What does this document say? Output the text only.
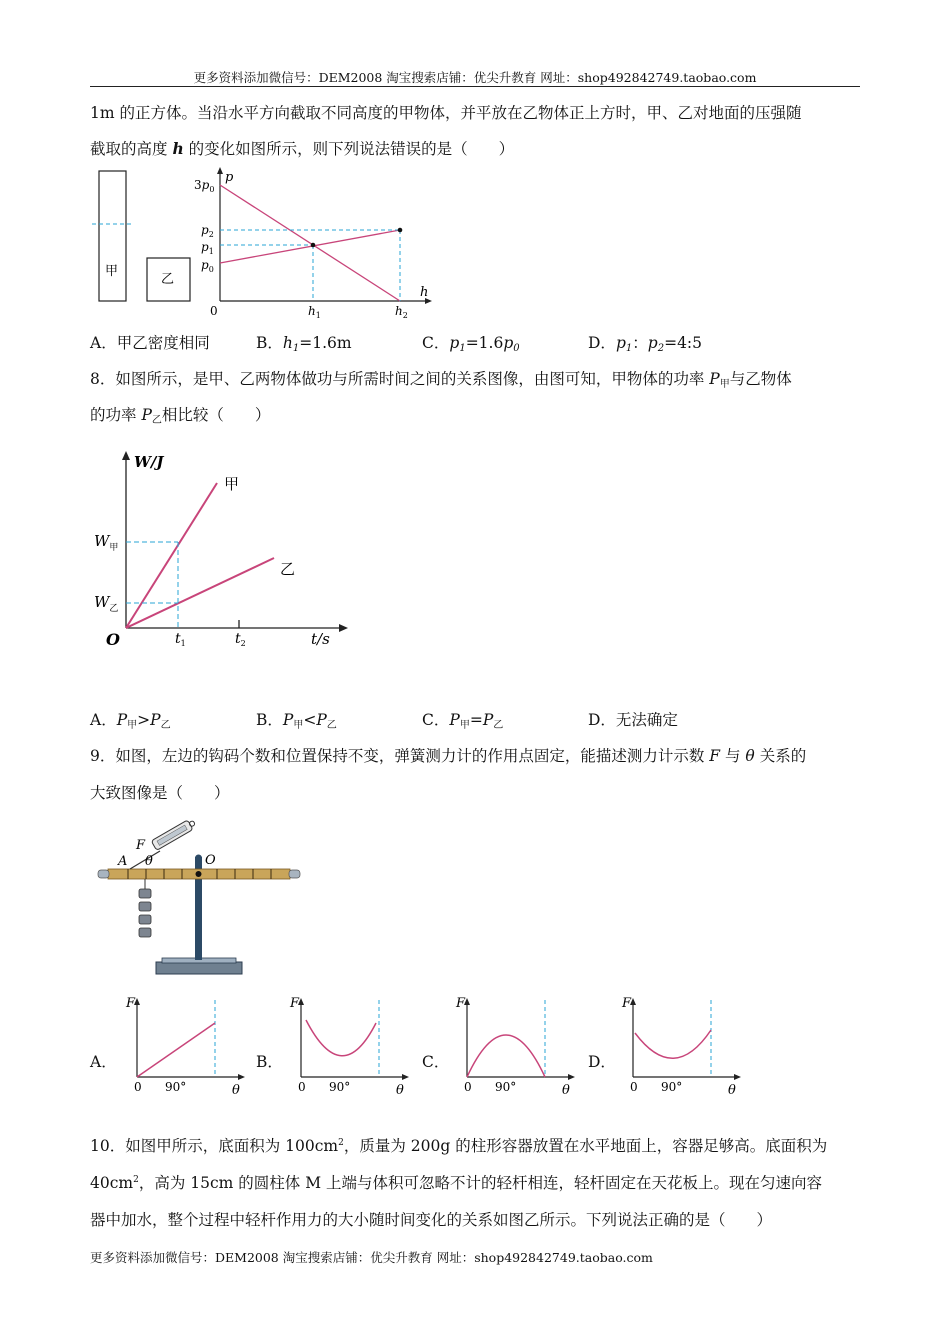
更多资料添加微信号：DEM2008 淘宝搜索店铺：优尖升教育 网址：shop492842749.taobao.com
1m 的正方体。当沿水平方向截取不同高度的甲物体，并平放在乙物体正上方时，甲、乙对地面的压强随
截取的高度 h 的变化如图所示，则下列说法错误的是（　　）
甲
乙
p
h
$3p_0$
$p_2$
$p_1$
$p_0$
0	$h_1$	$h_2$
A．甲乙密度相同	B．$h_1=1.6m$	C．$p_1=1.6p_0$	D．$p_1$：$p_2=4:5$
8．如图所示，是甲、乙两物体做功与所需时间之间的关系图像，由图可知，甲物体的功率 $P_甲$与乙物体
的功率 $P_乙$相比较（　　）
W/J
t/s
O
甲
乙
$W_甲$
$W_乙$
$t_1$	$t_2$
A．$P_甲>P_乙$	B．$P_甲<P_乙$	C．$P_甲=P_乙$	D．无法确定
9．如图，左边的钩码个数和位置保持不变，弹簧测力计的作用点固定，能描述测力计示数 F 与 θ 关系的
大致图像是（　　）
F
A θ	O
A．
F
0 90°	θ
B．
F
0 90°	θ
C．
F
0 90°	θ
D．
F
0 90°	θ
10．如图甲所示，底面积为 $100cm^2$，质量为 200g 的柱形容器放置在水平地面上，容器足够高。底面积为
$40cm^2$，高为 15cm 的圆柱体 M 上端与体积可忽略不计的轻杆相连，轻杆固定在天花板上。现在匀速向容
器中加水，整个过程中轻杆作用力的大小随时间变化的关系如图乙所示。下列说法正确的是（　　）
更多资料添加微信号：DEM2008 淘宝搜索店铺：优尖升教育 网址：shop492842749.taobao.com
